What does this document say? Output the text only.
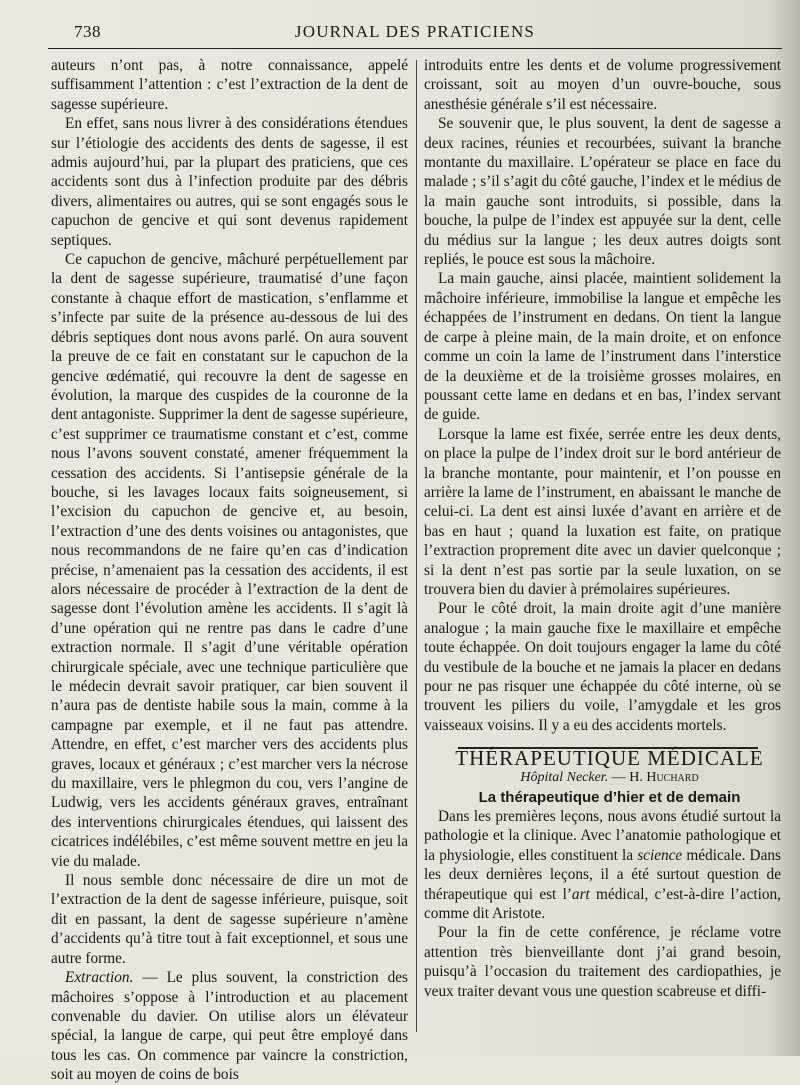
738	JOURNAL DES PRATICIENS

auteurs n’ont pas, à notre connaissance, appelé suffisamment l’attention : c’est l’extraction de la dent de sagesse supérieure.

En effet, sans nous livrer à des considérations étendues sur l’étiologie des accidents des dents de sagesse, il est admis aujourd’hui, par la plupart des praticiens, que ces accidents sont dus à l’infection produite par des débris divers, alimentaires ou autres, qui se sont engagés sous le capuchon de gencive et qui sont devenus rapidement septiques.

Ce capuchon de gencive, mâchuré perpétuellement par la dent de sagesse supérieure, traumatisé d’une façon constante à chaque effort de mastication, s’enflamme et s’infecte par suite de la présence au-dessous de lui des débris septiques dont nous avons parlé. On aura souvent la preuve de ce fait en constatant sur le capuchon de la gencive œdématié, qui recouvre la dent de sagesse en évolution, la marque des cuspides de la couronne de la dent antagoniste. Supprimer la dent de sagesse supérieure, c’est supprimer ce traumatisme constant et c’est, comme nous l’avons souvent constaté, amener fréquemment la cessation des accidents. Si l’antisepsie générale de la bouche, si les lavages locaux faits soigneusement, si l’excision du capuchon de gencive et, au besoin, l’extraction d’une des dents voisines ou antagonistes, que nous recommandons de ne faire qu’en cas d’indication précise, n’amenaient pas la cessation des accidents, il est alors nécessaire de procéder à l’extraction de la dent de sagesse dont l’évolution amène les accidents. Il s’agit là d’une opération qui ne rentre pas dans le cadre d’une extraction normale. Il s’agit d’une véritable opération chirurgicale spéciale, avec une technique particulière que le médecin devrait savoir pratiquer, car bien souvent il n’aura pas de dentiste habile sous la main, comme à la campagne par exemple, et il ne faut pas attendre. Attendre, en effet, c’est marcher vers des accidents plus graves, locaux et généraux ; c’est marcher vers la nécrose du maxillaire, vers le phlegmon du cou, vers l’angine de Ludwig, vers les accidents généraux graves, entraînant des interventions chirurgicales étendues, qui laissent des cicatrices indélébiles, c’est même souvent mettre en jeu la vie du malade.

Il nous semble donc nécessaire de dire un mot de l’extraction de la dent de sagesse inférieure, puisque, soit dit en passant, la dent de sagesse supérieure n’amène d’accidents qu’à titre tout à fait exceptionnel, et sous une autre forme.

Extraction. — Le plus souvent, la constriction des mâchoires s’oppose à l’introduction et au placement convenable du davier. On utilise alors un élévateur spécial, la langue de carpe, qui peut être employé dans tous les cas. On commence par vaincre la constriction, soit au moyen de coins de bois

introduits entre les dents et de volume progressivement croissant, soit au moyen d’un ouvre-bouche, sous anesthésie générale s’il est nécessaire.

Se souvenir que, le plus souvent, la dent de sagesse a deux racines, réunies et recourbées, suivant la branche montante du maxillaire. L’opérateur se place en face du malade ; s’il s’agit du côté gauche, l’index et le médius de la main gauche sont introduits, si possible, dans la bouche, la pulpe de l’index est appuyée sur la dent, celle du médius sur la langue ; les deux autres doigts sont repliés, le pouce est sous la mâchoire.

La main gauche, ainsi placée, maintient solidement la mâchoire inférieure, immobilise la langue et empêche les échappées de l’instrument en dedans. On tient la langue de carpe à pleine main, de la main droite, et on enfonce comme un coin la lame de l’instrument dans l’interstice de la deuxième et de la troisième grosses molaires, en poussant cette lame en dedans et en bas, l’index servant de guide.

Lorsque la lame est fixée, serrée entre les deux dents, on place la pulpe de l’index droit sur le bord antérieur de la branche montante, pour maintenir, et l’on pousse en arrière la lame de l’instrument, en abaissant le manche de celui-ci. La dent est ainsi luxée d’avant en arrière et de bas en haut ; quand la luxation est faite, on pratique l’extraction proprement dite avec un davier quelconque ; si la dent n’est pas sortie par la seule luxation, on se trouvera bien du davier à prémolaires supérieures.

Pour le côté droit, la main droite agit d’une manière analogue ; la main gauche fixe le maxillaire et empêche toute échappée. On doit toujours engager la lame du côté du vestibule de la bouche et ne jamais la placer en dedans pour ne pas risquer une échappée du côté interne, où se trouvent les piliers du voile, l’amygdale et les gros vaisseaux voisins. Il y a eu des accidents mortels.

THÉRAPEUTIQUE MÉDICALE

Hôpital Necker. — H. Huchard

La thérapeutique d’hier et de demain

Dans les premières leçons, nous avons étudié surtout la pathologie et la clinique. Avec l’anatomie pathologique et la physiologie, elles constituent la science médicale. Dans les deux dernières leçons, il a été surtout question de thérapeutique qui est l’art médical, c’est-à-dire l’action, comme dit Aristote.

Pour la fin de cette conférence, je réclame votre attention très bienveillante dont j’ai grand besoin, puisqu’à l’occasion du traitement des cardiopathies, je veux traiter devant vous une question scabreuse et diffi-
